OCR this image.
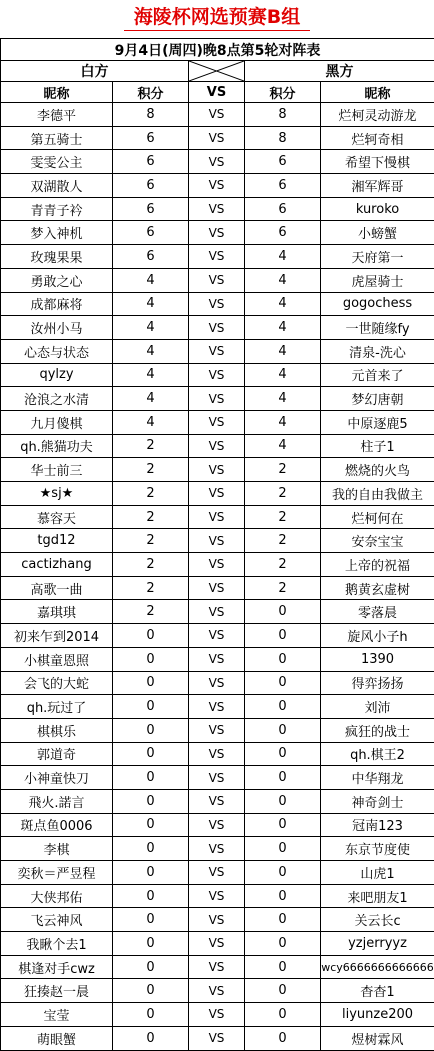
海陵杯网选预赛B组
9月4日(周四)晚8点第5轮对阵表				
白方			黑方	
昵称	积分	VS	积分	昵称
李德平	8	VS	8	烂柯灵动游龙
第五骑士	6	VS	8	烂轲奇相
雯雯公主	6	VS	6	希望下慢棋
双湖散人	6	VS	6	湘军辉哥
青青子衿	6	VS	6	kuroko
梦入神机	6	VS	6	小螃蟹
玫瑰果果	6	VS	4	天府第一
勇敢之心	4	VS	4	虎屋骑士
成都麻将	4	VS	4	gogochess
汝州小马	4	VS	4	一世随缘fy
心态与状态	4	VS	4	清泉-洗心
qylzy	4	VS	4	元首来了
沧浪之水清	4	VS	4	梦幻唐朝
九月傻棋	4	VS	4	中原逐鹿5
qh.熊猫功夫	2	VS	4	柱子1
华士前三	2	VS	2	燃烧的火鸟
★sj★	2	VS	2	我的自由我做主
慕容天	2	VS	2	烂柯何在
tgd12	2	VS	2	安奈宝宝
cactizhang	2	VS	2	上帝的祝福
高歌一曲	2	VS	2	鹅黄玄虚树
嘉琪琪	2	VS	0	零落晨
初来乍到2014	0	VS	0	旋风小子h
小棋童恩照	0	VS	0	1390
会飞的大蛇	0	VS	0	得弈扬扬
qh.玩过了	0	VS	0	刘沛
棋棋乐	0	VS	0	疯狂的战士
郭道奇	0	VS	0	qh.棋王2
小神童快刀	0	VS	0	中华翔龙
飛火.諾言	0	VS	0	神奇剑士
斑点鱼0006	0	VS	0	冠南123
李棋	0	VS	0	东京节度使
奕秋＝严昱程	0	VS	0	山虎1
大侠邦佑	0	VS	0	来吧朋友1
飞云神风	0	VS	0	关云长c
我瞅个去1	0	VS	0	yzjerryyz
棋逢对手cwz	0	VS	0	wcy6666666666666
狂揍赵一晨	0	VS	0	杳杳1
宝莹	0	VS	0	liyunze200
萌眼蟹	0	VS	0	煜树霖风
